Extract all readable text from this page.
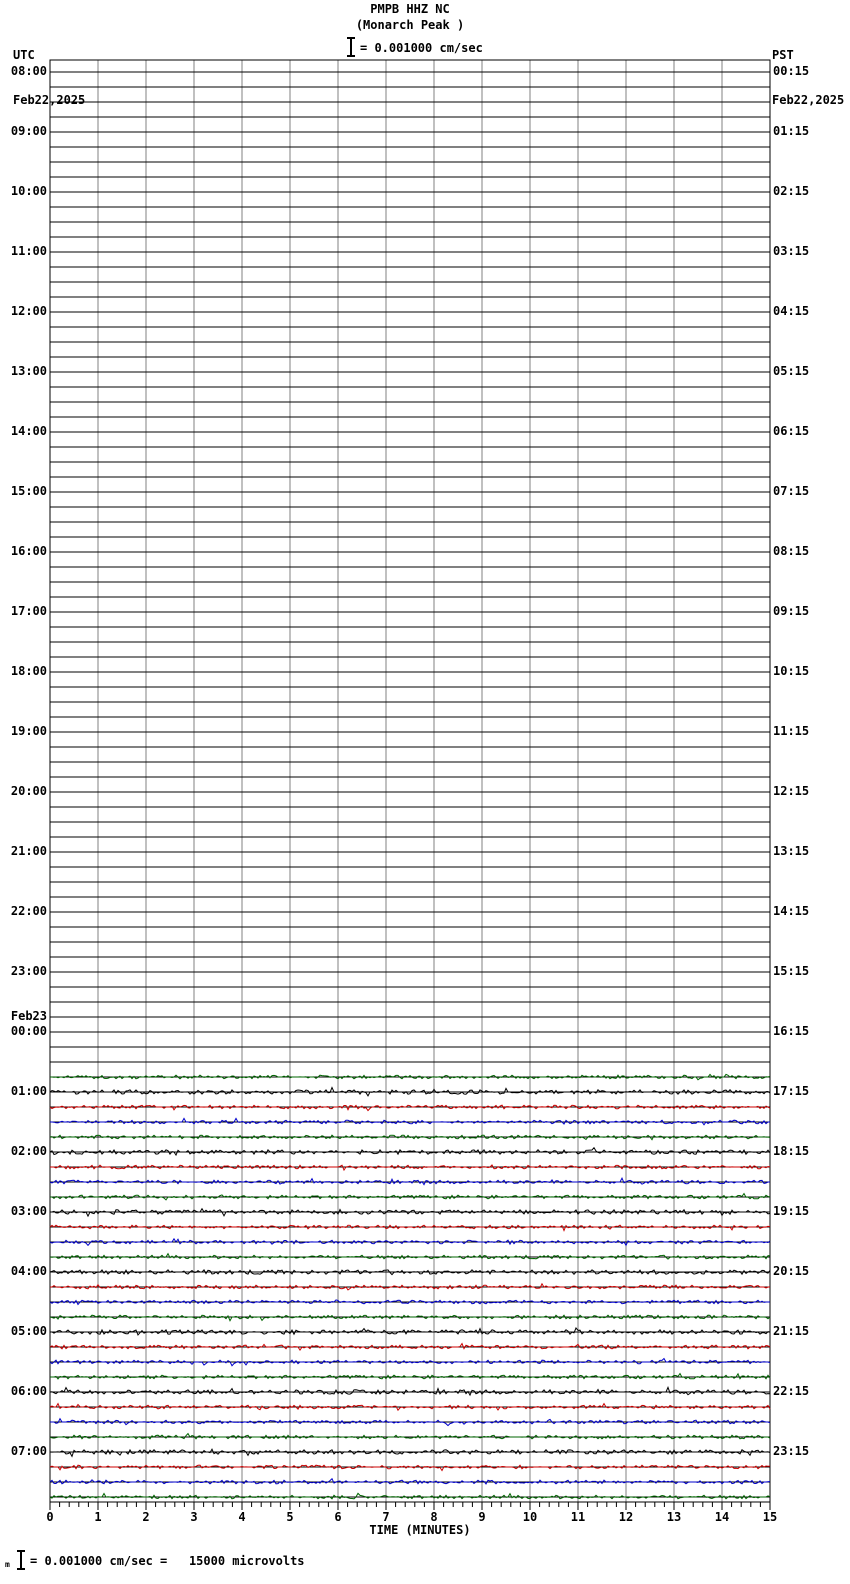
PMPB HHZ NC
(Monarch Peak )

UTC

Feb22,2025

PST

Feb22,2025

= 0.001000 cm/sec
08:00
09:00
10:00
11:00
12:00
13:00
14:00
15:00
16:00
17:00
18:00
19:00
20:00
21:00
22:00
23:00
00:00
Feb23
01:00
02:00
03:00
04:00
05:00
06:00
07:00
00:15
01:15
02:15
03:15
04:15
05:15
06:15
07:15
08:15
09:15
10:15
11:15
12:15
13:15
14:15
15:15
16:15
17:15
18:15
19:15
20:15
21:15
22:15
23:15
0	1	2	3	4	5	6	7	8	9	10	11	12	13	14	15
TIME (MINUTES)
m = 0.001000 cm/sec =   15000 microvolts
